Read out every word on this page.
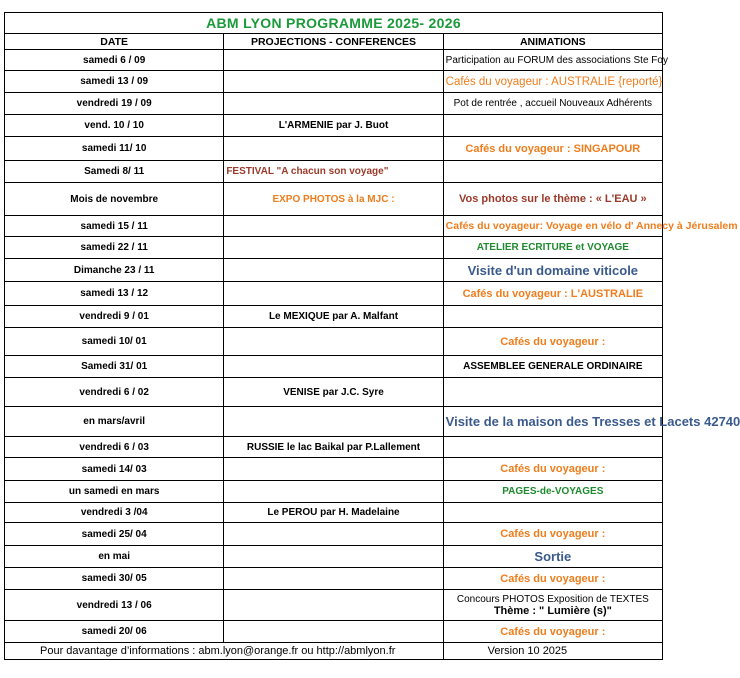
ABM LYON PROGRAMME 2025- 2026		
DATE	PROJECTIONS - CONFERENCES	ANIMATIONS
samedi 6 / 09		Participation au FORUM des associations Ste Foy
samedi 13 / 09		Cafés du voyageur : AUSTRALIE {reporté}
vendredi 19 / 09		Pot de rentrée , accueil Nouveaux Adhérents
vend. 10 / 10	L'ARMENIE par J. Buot	
samedi 11/ 10		Cafés du voyageur : SINGAPOUR
Samedi 8/ 11	FESTIVAL "A chacun son voyage"	
Mois de novembre	EXPO PHOTOS à la MJC :	Vos photos sur le thème : « L'EAU »
samedi 15 / 11		Cafés du voyageur: Voyage en vélo d' Annecy à Jérusalem
samedi 22 / 11		ATELIER ECRITURE et VOYAGE
Dimanche 23 / 11		Visite d'un domaine viticole
samedi 13 / 12		Cafés du voyageur : L'AUSTRALIE
vendredi 9 / 01	Le MEXIQUE par A. Malfant	
samedi 10/ 01		Cafés du voyageur :
Samedi 31/ 01		ASSEMBLEE GENERALE ORDINAIRE
vendredi 6 / 02	VENISE par J.C. Syre	
en mars/avril		Visite de la maison des Tresses et Lacets 42740
vendredi 6 / 03	RUSSIE le lac Baikal par P.Lallement	
samedi 14/ 03		Cafés du voyageur :
un samedi en mars		PAGES-de-VOYAGES
vendredi 3 /04	Le PEROU par H. Madelaine	
samedi 25/ 04		Cafés du voyageur :
en mai		Sortie
samedi 30/ 05		Cafés du voyageur :
vendredi 13 / 06		Concours PHOTOS Exposition de TEXTES
Thème : " Lumière (s)"

samedi 20/ 06		Cafés du voyageur :
Pour davantage d’informations : abm.lyon@orange.fr ou http://abmlyon.fr		Version 10 2025
